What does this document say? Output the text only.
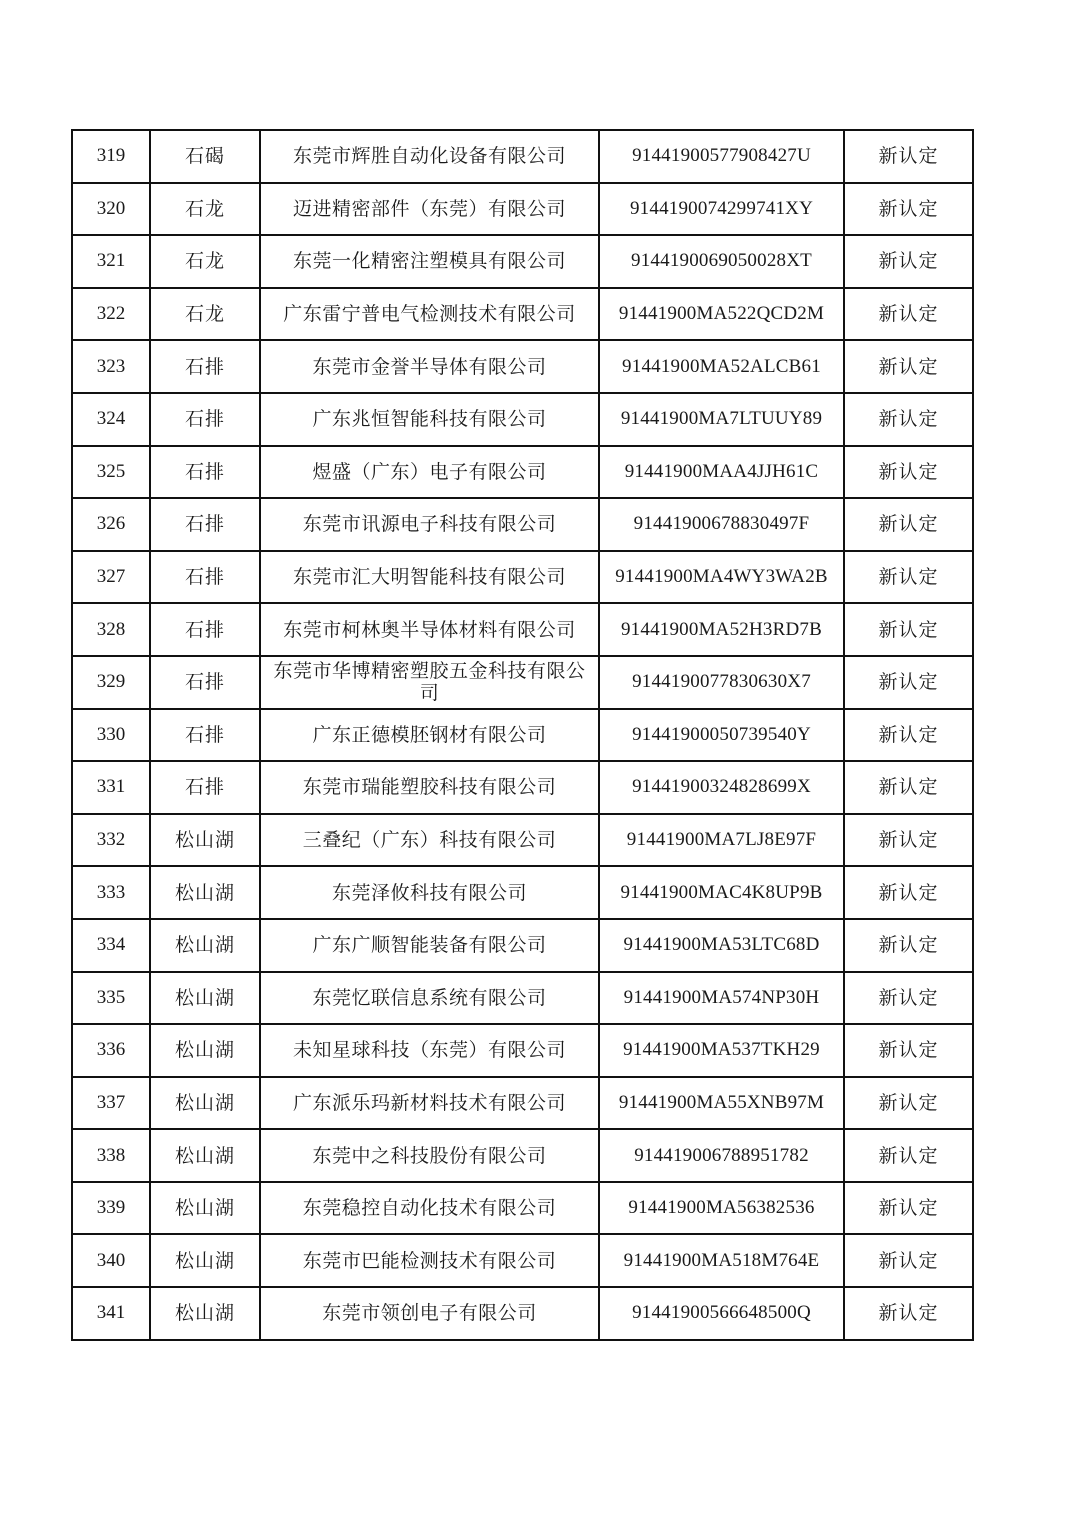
319	石碣	东莞市辉胜自动化设备有限公司	91441900577908427U	新认定
320	石龙	迈进精密部件（东莞）有限公司	9144190074299741XY	新认定
321	石龙	东莞一化精密注塑模具有限公司	9144190069050028XT	新认定
322	石龙	广东雷宁普电气检测技术有限公司	91441900MA522QCD2M	新认定
323	石排	东莞市金誉半导体有限公司	91441900MA52ALCB61	新认定
324	石排	广东兆恒智能科技有限公司	91441900MA7LTUUY89	新认定
325	石排	煜盛（广东）电子有限公司	91441900MAA4JJH61C	新认定
326	石排	东莞市讯源电子科技有限公司	91441900678830497F	新认定
327	石排	东莞市汇大明智能科技有限公司	91441900MA4WY3WA2B	新认定
328	石排	东莞市柯林奥半导体材料有限公司	91441900MA52H3RD7B	新认定
329	石排	东莞市华博精密塑胶五金科技有限公司	9144190077830630X7	新认定
330	石排	广东正德模胚钢材有限公司	91441900050739540Y	新认定
331	石排	东莞市瑞能塑胶科技有限公司	91441900324828699X	新认定
332	松山湖	三叠纪（广东）科技有限公司	91441900MA7LJ8E97F	新认定
333	松山湖	东莞泽攸科技有限公司	91441900MAC4K8UP9B	新认定
334	松山湖	广东广顺智能装备有限公司	91441900MA53LTC68D	新认定
335	松山湖	东莞忆联信息系统有限公司	91441900MA574NP30H	新认定
336	松山湖	未知星球科技（东莞）有限公司	91441900MA537TKH29	新认定
337	松山湖	广东派乐玛新材料技术有限公司	91441900MA55XNB97M	新认定
338	松山湖	东莞中之科技股份有限公司	914419006788951782	新认定
339	松山湖	东莞稳控自动化技术有限公司	91441900MA56382536	新认定
340	松山湖	东莞市巴能检测技术有限公司	91441900MA518M764E	新认定
341	松山湖	东莞市领创电子有限公司	91441900566648500Q	新认定
